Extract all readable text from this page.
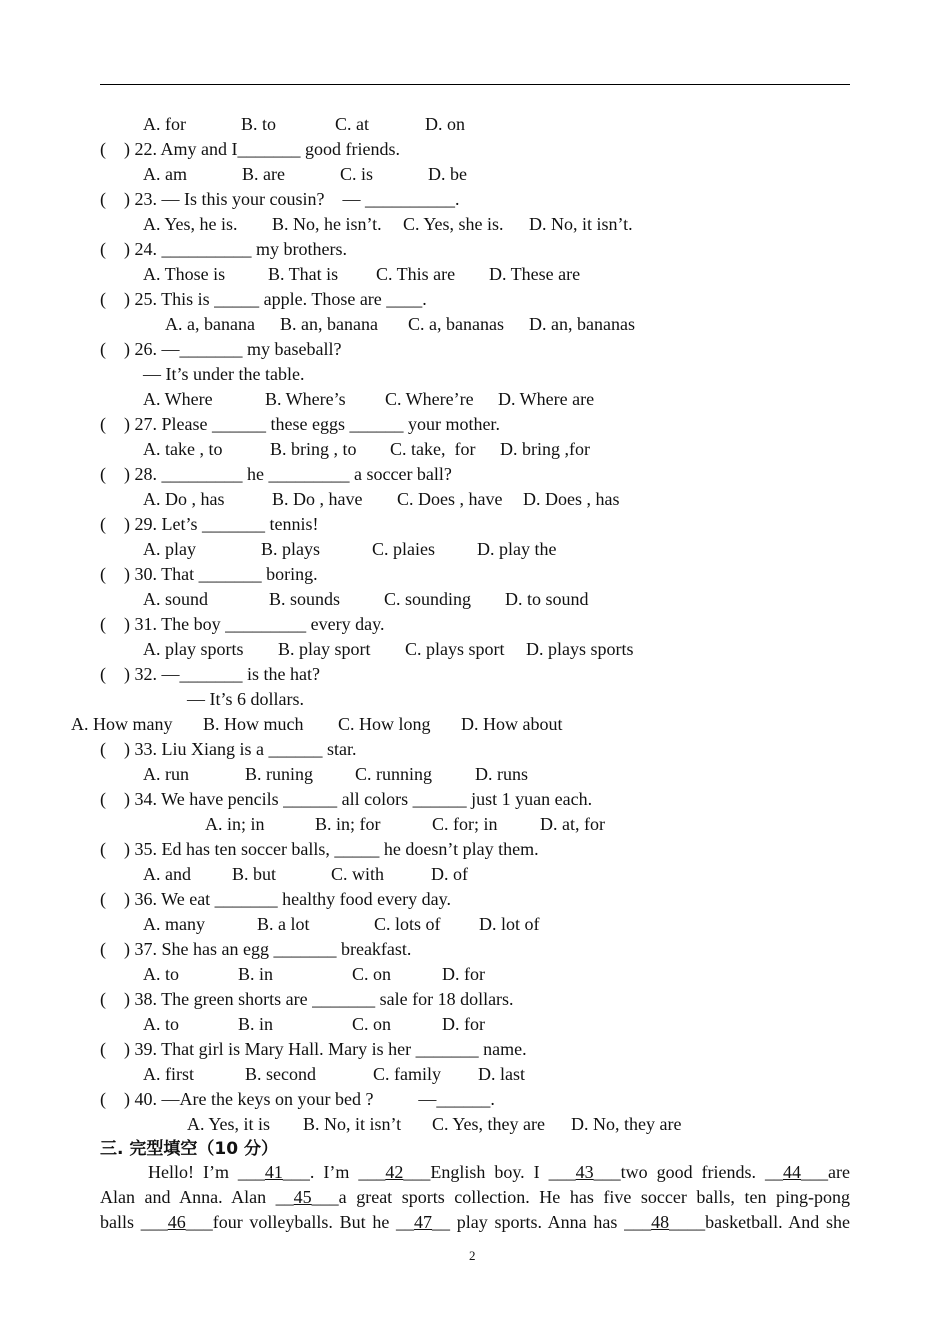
A. for	B. to	C. at	D. on
(    ) 22. Amy and I_______ good friends.
A. am	B. are	C. is	D. be
(    ) 23. — Is this your cousin?    — __________.
A. Yes, he is. B. No, he isn’t. C. Yes, she is. D. No, it isn’t.
(    ) 24. __________ my brothers.
A. Those is B. That is C. This are D. These are
(    ) 25. This is _____ apple. Those are ____.
A. a, banana B. an, banana C. a, bananas D. an, bananas
(    ) 26. —_______ my baseball?
— It’s under the table.
A. Where	B. Where’s C. Where’re D. Where are
(    ) 27. Please ______ these eggs ______ your mother.
A. take , to	B. bring , to C. take,  for D. bring ,for
(    ) 28. _________ he _________ a soccer ball?
A. Do , has	B. Do , have C. Does , have D. Does , has
(    ) 29. Let’s _______ tennis!
A. play	B. plays	C. plaies D. play the
(    ) 30. That _______ boring.
A. sound	B. sounds C. sounding D. to sound
(    ) 31. The boy _________ every day.
A. play sports B. play sport C. plays sport D. plays sports
(    ) 32. —_______ is the hat?
— It’s 6 dollars.
A. How many B. How much C. How long D. How about
(    ) 33. Liu Xiang is a ______ star.
A. run	B. runing C. running D. runs
(    ) 34. We have pencils ______ all colors ______ just 1 yuan each.
A. in; in	B. in; for	C. for; in D. at, for
(    ) 35. Ed has ten soccer balls, _____ he doesn’t play them.
A. and B. but	C. with	D. of
(    ) 36. We eat _______ healthy food every day.
A. many	B. a lot	C. lots of D. lot of
(    ) 37. She has an egg _______ breakfast.
A. to	B. in	C. on	D. for
(    ) 38. The green shorts are _______ sale for 18 dollars.
A. to	B. in	C. on	D. for
(    ) 39. That girl is Mary Hall. Mary is her _______ name.
A. first	B. second	C. family D. last
(    ) 40. —Are the keys on your bed ?          —______.
A. Yes, it is B. No, it isn’t C. Yes, they are D. No, they are
三. 完型填空（10 分）
Hello! I’m ___41___. I’m ___42___English boy. I ___43___two good friends. __44___are
Alan and Anna. Alan __45___a great sports collection. He has five soccer balls, ten ping-pong
balls ___46___four volleyballs. But he __47__ play sports. Anna has ___48____basketball. And she
2
